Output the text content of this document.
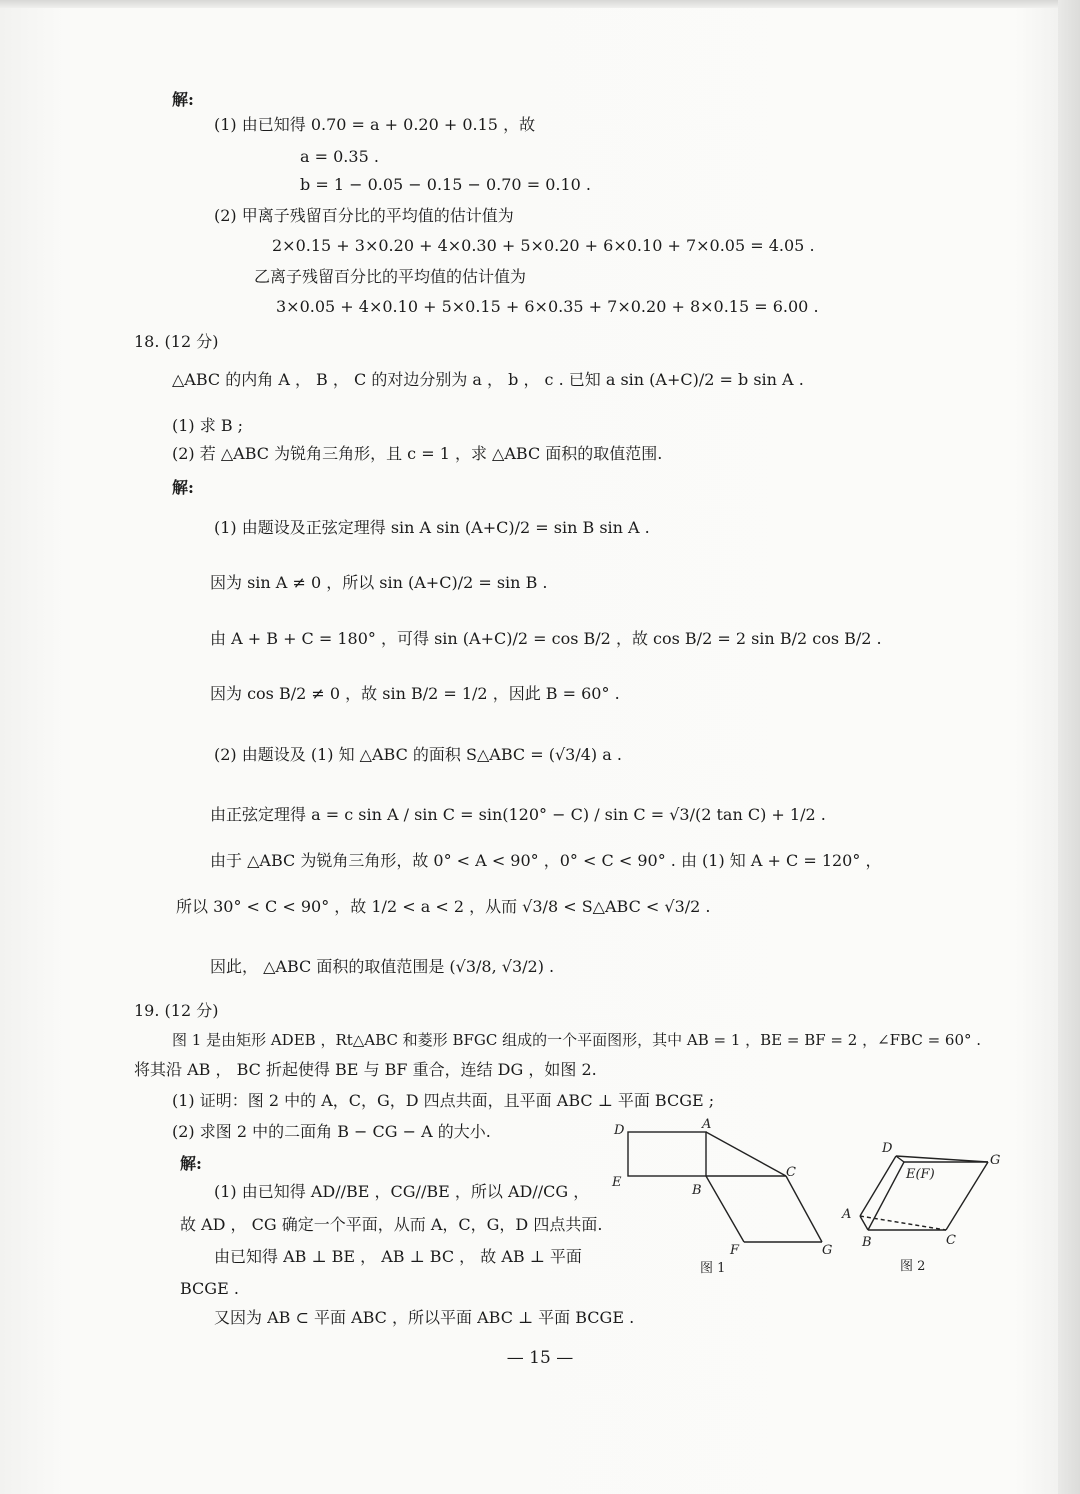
解:
(1) 由已知得 0.70 = a + 0.20 + 0.15 ，故
a = 0.35 .
b = 1 − 0.05 − 0.15 − 0.70 = 0.10 .
(2) 甲离子残留百分比的平均值的估计值为
2×0.15 + 3×0.20 + 4×0.30 + 5×0.20 + 6×0.10 + 7×0.05 = 4.05 .
乙离子残留百分比的平均值的估计值为
3×0.05 + 4×0.10 + 5×0.15 + 6×0.35 + 7×0.20 + 8×0.15 = 6.00 .
18. (12 分)
△ABC 的内角 A ， B ， C 的对边分别为 a ， b ， c . 已知 a sin (A+C)/2 = b sin A .
(1) 求 B ;
(2) 若 △ABC 为锐角三角形，且 c = 1 ，求 △ABC 面积的取值范围.
解:
(1) 由题设及正弦定理得 sin A sin (A+C)/2 = sin B sin A .
因为 sin A ≠ 0 ，所以 sin (A+C)/2 = sin B .
由 A + B + C = 180° ，可得 sin (A+C)/2 = cos B/2 ，故 cos B/2 = 2 sin B/2 cos B/2 .
因为 cos B/2 ≠ 0 ，故 sin B/2 = 1/2 ，因此 B = 60° .
(2) 由题设及 (1) 知 △ABC 的面积 S△ABC = (√3/4) a .
由正弦定理得 a = c sin A / sin C = sin(120° − C) / sin C = √3/(2 tan C) + 1/2 .
由于 △ABC 为锐角三角形，故 0° < A < 90° ，0° < C < 90° . 由 (1) 知 A + C = 120° ，
所以 30° < C < 90° ，故 1/2 < a < 2 ，从而 √3/8 < S△ABC < √3/2 .
因此， △ABC 面积的取值范围是 (√3/8, √3/2) .
19. (12 分)
图 1 是由矩形 ADEB ，Rt△ABC 和菱形 BFGC 组成的一个平面图形，其中 AB = 1 ，BE = BF = 2 ，∠FBC = 60° .
将其沿 AB ， BC 折起使得 BE 与 BF 重合，连结 DG ，如图 2.
(1) 证明：图 2 中的 A，C，G，D 四点共面，且平面 ABC ⊥ 平面 BCGE ;
(2) 求图 2 中的二面角 B − CG − A 的大小.
解:
(1) 由已知得 AD//BE ，CG//BE ，所以 AD//CG ，
故 AD ， CG 确定一个平面，从而 A，C，G，D 四点共面.
由已知得 AB ⊥ BE ， AB ⊥ BC ， 故 AB ⊥ 平面
BCGE .
又因为 AB ⊂ 平面 ABC ，所以平面 ABC ⊥ 平面 BCGE .
D	A
E
B
C
F	G
图 1
D
G
E(F)
A
B	C
图 2
— 15 —
